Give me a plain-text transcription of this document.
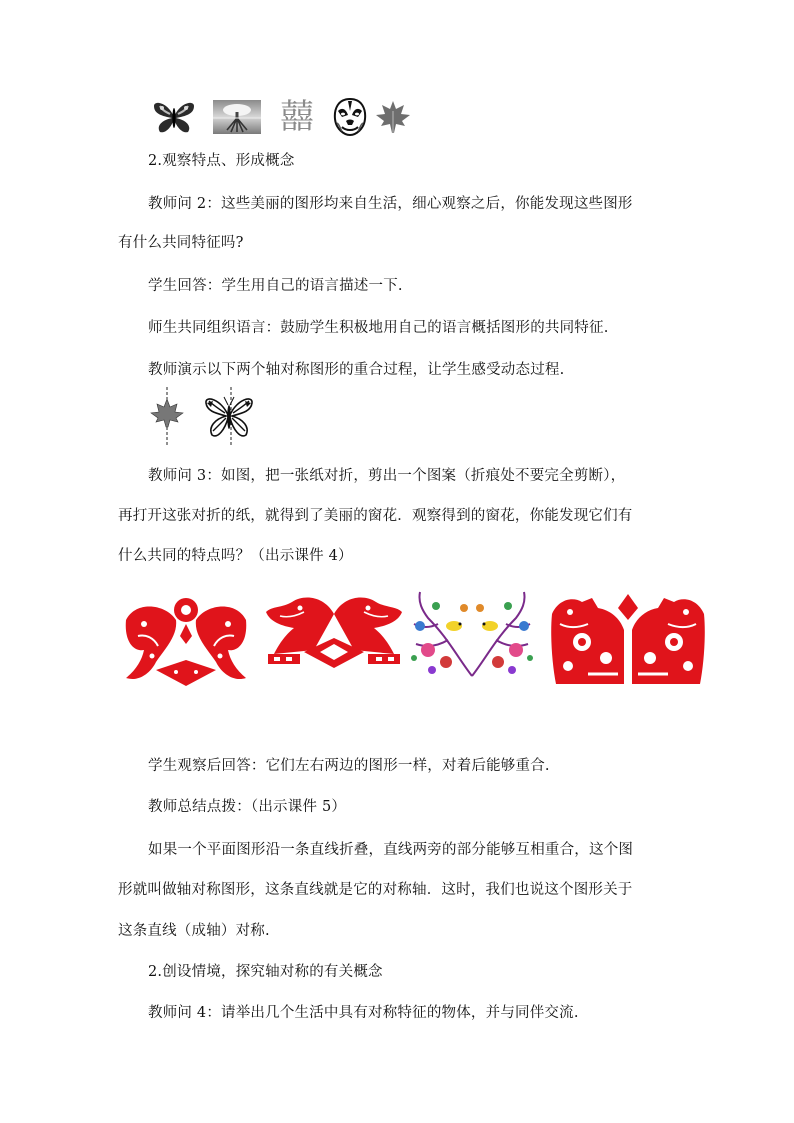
囍
2.观察特点、形成概念
教师问 2：这些美丽的图形均来自生活，细心观察之后，你能发现这些图形
有什么共同特征吗?
学生回答：学生用自己的语言描述一下.
师生共同组织语言：鼓励学生积极地用自己的语言概括图形的共同特征.
教师演示以下两个轴对称图形的重合过程，让学生感受动态过程.
教师问 3：如图，把一张纸对折，剪出一个图案（折痕处不要完全剪断），
再打开这张对折的纸，就得到了美丽的窗花．观察得到的窗花，你能发现它们有
什么共同的特点吗？（出示课件 4）
学生观察后回答：它们左右两边的图形一样，对着后能够重合.
教师总结点拨：（出示课件 5）
如果一个平面图形沿一条直线折叠，直线两旁的部分能够互相重合，这个图
形就叫做轴对称图形，这条直线就是它的对称轴．这时，我们也说这个图形关于
这条直线（成轴）对称.
2.创设情境，探究轴对称的有关概念
教师问 4：请举出几个生活中具有对称特征的物体，并与同伴交流.
